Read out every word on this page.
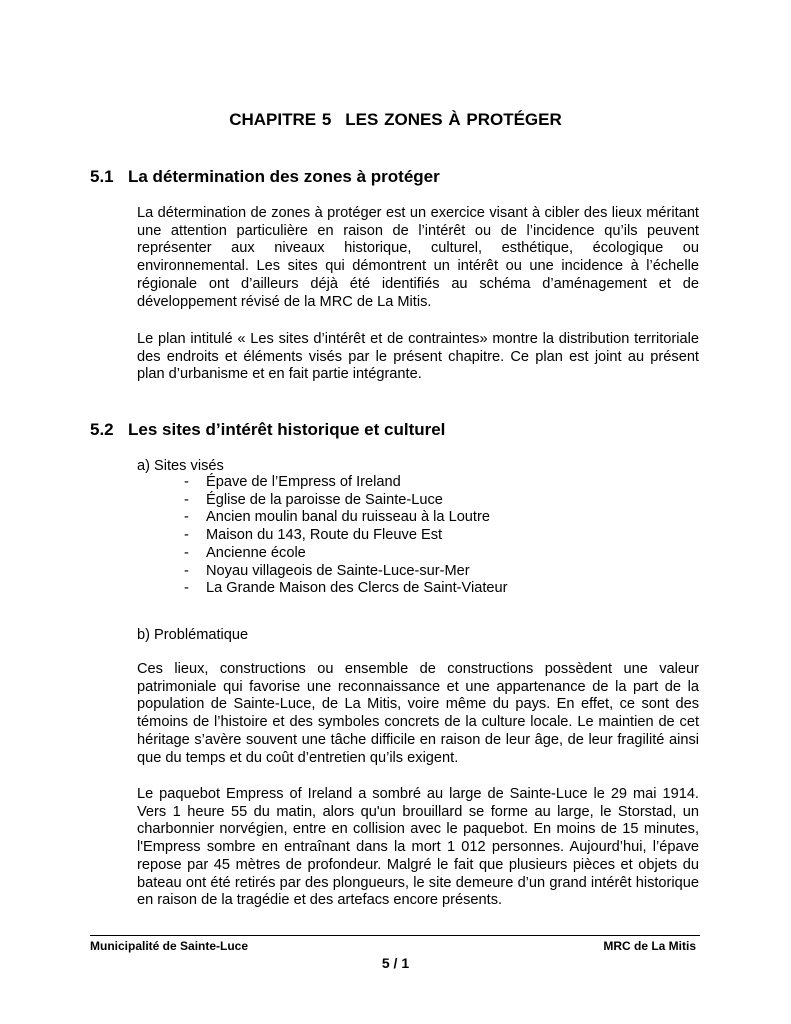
CHAPITRE 5 LES ZONES À PROTÉGER
5.1 La détermination des zones à protéger

La détermination de zones à protéger est un exercice visant à cibler des lieux méritant une attention particulière en raison de l’intérêt ou de l’incidence qu’ils peuvent représenter aux niveaux historique, culturel, esthétique, écologique ou environnemental. Les sites qui démontrent un intérêt ou une incidence à l’échelle régionale ont d’ailleurs déjà été identifiés au schéma d’aménagement et de développement révisé de la MRC de La Mitis.

Le plan intitulé « Les sites d’intérêt et de contraintes» montre la distribution territoriale des endroits et éléments visés par le présent chapitre. Ce plan est joint au présent plan d’urbanisme et en fait partie intégrante.

5.2 Les sites d’intérêt historique et culturel

a) Sites visés

- Épave de l’Empress of Ireland
- Église de la paroisse de Sainte-Luce
- Ancien moulin banal du ruisseau à la Loutre
- Maison du 143, Route du Fleuve Est
- Ancienne école
- Noyau villageois de Sainte-Luce-sur-Mer
- La Grande Maison des Clercs de Saint-Viateur

b) Problématique

Ces lieux, constructions ou ensemble de constructions possèdent une valeur patrimoniale qui favorise une reconnaissance et une appartenance de la part de la population de Sainte-Luce, de La Mitis, voire même du pays. En effet, ce sont des témoins de l’histoire et des symboles concrets de la culture locale. Le maintien de cet héritage s’avère souvent une tâche difficile en raison de leur âge, de leur fragilité ainsi que du temps et du coût d’entretien qu’ils exigent.

Le paquebot Empress of Ireland a sombré au large de Sainte-Luce le 29 mai 1914. Vers 1 heure 55 du matin, alors qu'un brouillard se forme au large, le Storstad, un charbonnier norvégien, entre en collision avec le paquebot. En moins de 15 minutes, l'Empress sombre en entraînant dans la mort 1 012 personnes. Aujourd’hui, l’épave repose par 45 mètres de profondeur. Malgré le fait que plusieurs pièces et objets du bateau ont été retirés par des plongueurs, le site demeure d’un grand intérêt historique en raison de la tragédie et des artefacs encore présents.

Municipalité de Sainte-Luce	MRC de La Mitis
5 / 1
